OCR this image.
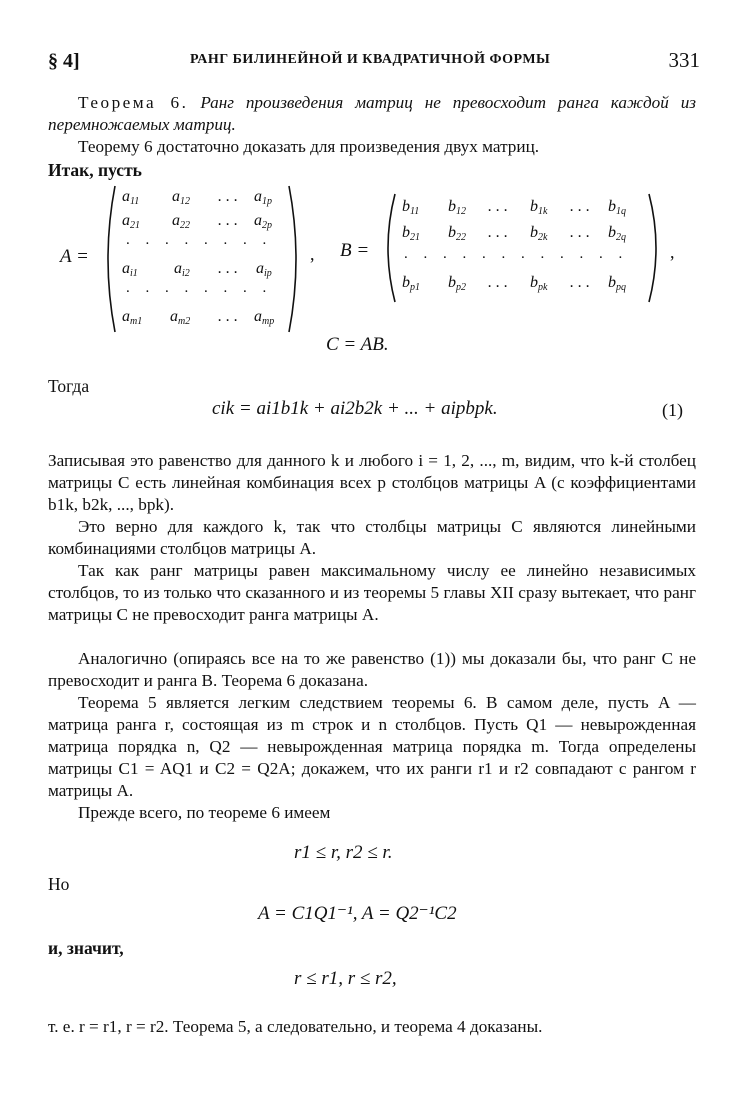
§ 4]	РАНГ БИЛИНЕЙНОЙ И КВАДРАТИЧНОЙ ФОРМЫ	331

Теорема 6. Ранг произведения матриц не превосходит ранга каждой из перемножаемых матриц.

Теорему 6 достаточно доказать для произведения двух матриц.

Итак, пусть
A =
$a_{11}$ $a_{12}$ . . . $a_{1p}$
$a_{21}$ $a_{22}$ . . . $a_{2p}$
. . . . . . . .
$a_{i1}$ $a_{i2}$ . . . $a_{ip}$
. . . . . . . .
$a_{m1}$ $a_{m2}$ . . . $a_{mp}$
, B =
$b_{11}$ $b_{12}$ . . . $b_{1k}$ . . . $b_{1q}$
$b_{21}$ $b_{22}$ . . . $b_{2k}$ . . . $b_{2q}$
. . . . . . . . . . . .
$b_{p1}$ $b_{p2}$ . . . $b_{pk}$ . . . $b_{pq}$
,
C = AB.
Тогда
cik = ai1b1k + ai2b2k + ... + aipbpk.	(1)

Записывая это равенство для данного k и любого i = 1, 2, ..., m, видим, что k-й столбец матрицы C есть линейная комбинация всех p столбцов матрицы A (с коэффициентами b1k, b2k, ..., bpk).

Это верно для каждого k, так что столбцы матрицы C являются линейными комбинациями столбцов матрицы A.

Так как ранг матрицы равен максимальному числу ее линейно независимых столбцов, то из только что сказанного и из теоремы 5 главы XII сразу вытекает, что ранг матрицы C не превосходит ранга матрицы A.

Аналогично (опираясь все на то же равенство (1)) мы доказали бы, что ранг C не превосходит и ранга B. Теорема 6 доказана.

Теорема 5 является легким следствием теоремы 6. В самом деле, пусть A — матрица ранга r, состоящая из m строк и n столбцов. Пусть Q1 — невырожденная матрица порядка n, Q2 — невырожденная матрица порядка m. Тогда определены матрицы C1 = AQ1 и C2 = Q2A; докажем, что их ранги r1 и r2 совпадают с рангом r матрицы A.

Прежде всего, по теореме 6 имеем

r1 ≤ r, r2 ≤ r.
Но
A = C1Q1⁻¹, A = Q2⁻¹C2
и, значит,
r ≤ r1, r ≤ r2,

т. е. r = r1, r = r2. Теорема 5, а следовательно, и теорема 4 доказаны.
